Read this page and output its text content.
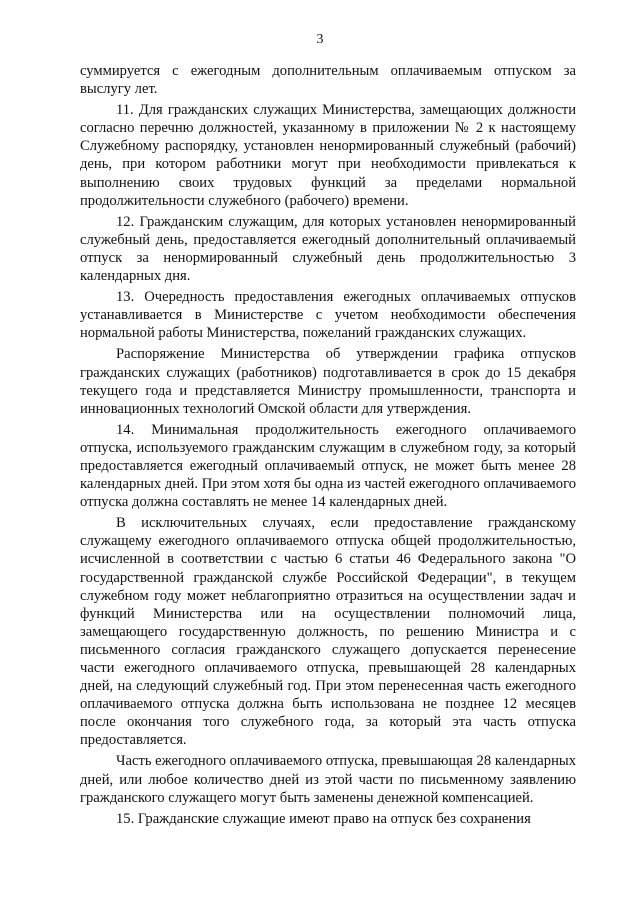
3

суммируется с ежегодным дополнительным оплачиваемым отпуском за выслугу лет.

11. Для гражданских служащих Министерства, замещающих должности согласно перечню должностей, указанному в приложении № 2 к настоящему Служебному распорядку, установлен ненормированный служебный (рабочий) день, при котором работники могут при необходимости привлекаться к выполнению своих трудовых функций за пределами нормальной продолжительности служебного (рабочего) времени.

12. Гражданским служащим, для которых установлен ненормированный служебный день, предоставляется ежегодный дополнительный оплачиваемый отпуск за ненормированный служебный день продолжительностью 3 календарных дня.

13. Очередность предоставления ежегодных оплачиваемых отпусков устанавливается в Министерстве с учетом необходимости обеспечения нормальной работы Министерства, пожеланий гражданских служащих.

Распоряжение Министерства об утверждении графика отпусков гражданских служащих (работников) подготавливается в срок до 15 декабря текущего года и представляется Министру промышленности, транспорта и инновационных технологий Омской области для утверждения.

14. Минимальная продолжительность ежегодного оплачиваемого отпуска, используемого гражданским служащим в служебном году, за который предоставляется ежегодный оплачиваемый отпуск, не может быть менее 28 календарных дней. При этом хотя бы одна из частей ежегодного оплачиваемого отпуска должна составлять не менее 14 календарных дней.

В исключительных случаях, если предоставление гражданскому служащему ежегодного оплачиваемого отпуска общей продолжительностью, исчисленной в соответствии с частью 6 статьи 46 Федерального закона "О государственной гражданской службе Российской Федерации", в текущем служебном году может неблагоприятно отразиться на осуществлении задач и функций Министерства или на осуществлении полномочий лица, замещающего государственную должность, по решению Министра и с письменного согласия гражданского служащего допускается перенесение части ежегодного оплачиваемого отпуска, превышающей 28 календарных дней, на следующий служебный год. При этом перенесенная часть ежегодного оплачиваемого отпуска должна быть использована не позднее 12 месяцев после окончания того служебного года, за который эта часть отпуска предоставляется.

Часть ежегодного оплачиваемого отпуска, превышающая 28 календарных дней, или любое количество дней из этой части по письменному заявлению гражданского служащего могут быть заменены денежной компенсацией.

15. Гражданские служащие имеют право на отпуск без сохранения
